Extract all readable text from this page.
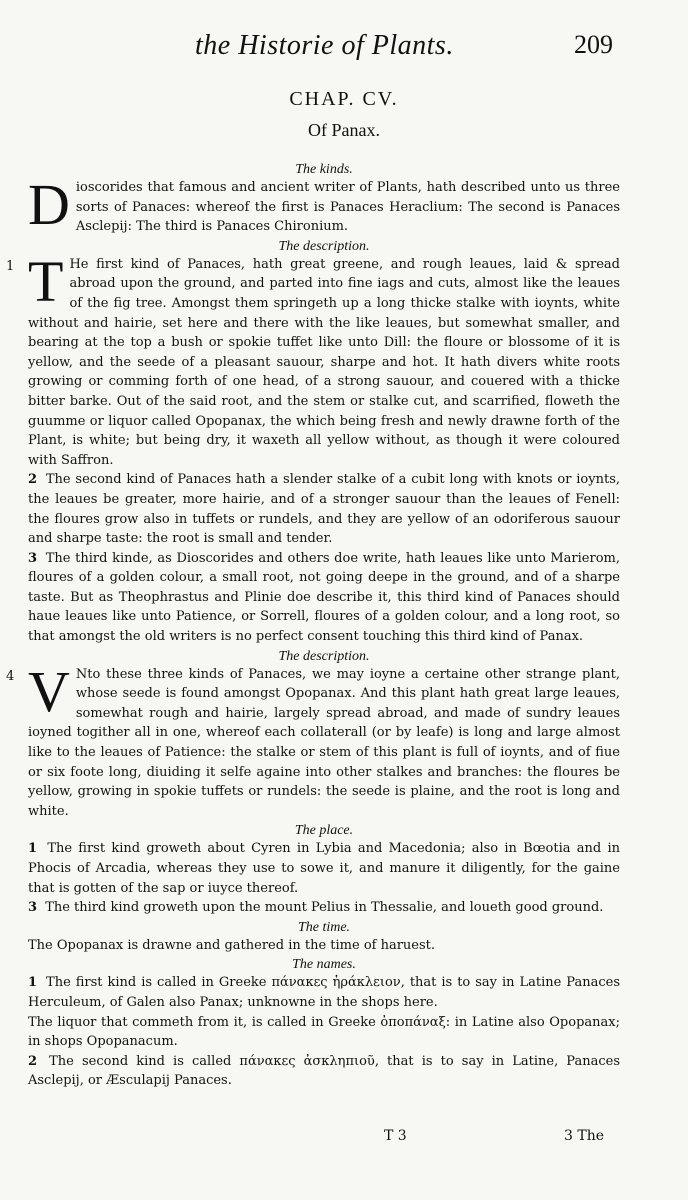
the Historie of Plants.	209
CHAP. CV.
Of Panax.
The kinds.

D ioscorides that famous and ancient writer of Plants, hath described unto us three sorts of Panaces: whereof the first is Panaces Heraclium: The second is Panaces Asclepij: The third is Panaces Chironium.

The description.

1 T He first kind of Panaces, hath great greene, and rough leaues, laid & spread abroad upon the ground, and parted into fine iags and cuts, almost like the leaues of the fig tree. Amongst them springeth up a long thicke stalke with ioynts, white without and hairie, set here and there with the like leaues, but somewhat smaller, and bearing at the top a bush or spokie tuffet like unto Dill: the floure or blossome of it is yellow, and the seede of a pleasant sauour, sharpe and hot. It hath divers white roots growing or comming forth of one head, of a strong sauour, and couered with a thicke bitter barke. Out of the said root, and the stem or stalke cut, and scarrified, floweth the guumme or liquor called Opopanax, the which being fresh and newly drawne forth of the Plant, is white; but being dry, it waxeth all yellow without, as though it were coloured with Saffron.

2 The second kind of Panaces hath a slender stalke of a cubit long with knots or ioynts, the leaues be greater, more hairie, and of a stronger sauour than the leaues of Fenell: the floures grow also in tuffets or rundels, and they are yellow of an odoriferous sauour and sharpe taste: the root is small and tender.

3 The third kinde, as Dioscorides and others doe write, hath leaues like unto Marierom, floures of a golden colour, a small root, not going deepe in the ground, and of a sharpe taste. But as Theophrastus and Plinie doe describe it, this third kind of Panaces should haue leaues like unto Patience, or Sorrell, floures of a golden colour, and a long root, so that amongst the old writers is no perfect consent touching this third kind of Panax.

The description.

4 V Nto these three kinds of Panaces, we may ioyne a certaine other strange plant, whose seede is found amongst Opopanax. And this plant hath great large leaues, somewhat rough and hairie, largely spread abroad, and made of sundry leaues ioyned togither all in one, whereof each collaterall (or by leafe) is long and large almost like to the leaues of Patience: the stalke or stem of this plant is full of ioynts, and of fiue or six foote long, diuiding it selfe againe into other stalkes and branches: the floures be yellow, growing in spokie tuffets or rundels: the seede is plaine, and the root is long and white.

The place.

1 The first kind groweth about Cyren in Lybia and Macedonia; also in Bœotia and in Phocis of Arcadia, whereas they use to sowe it, and manure it diligently, for the gaine that is gotten of the sap or iuyce thereof.

3 The third kind groweth upon the mount Pelius in Thessalie, and loueth good ground.

The time.

The Opopanax is drawne and gathered in the time of haruest.

The names.

1 The first kind is called in Greeke πάνακες ἡράκλειον, that is to say in Latine Panaces Herculeum, of Galen also Panax; unknowne in the shops here.

The liquor that commeth from it, is called in Greeke ὀποπάναξ: in Latine also Opopanax; in shops Opopanacum.

2 The second kind is called πάνακες ἀσκληπιοῦ, that is to say in Latine, Panaces Asclepij, or Æsculapij Panaces.

T 3	3 The
